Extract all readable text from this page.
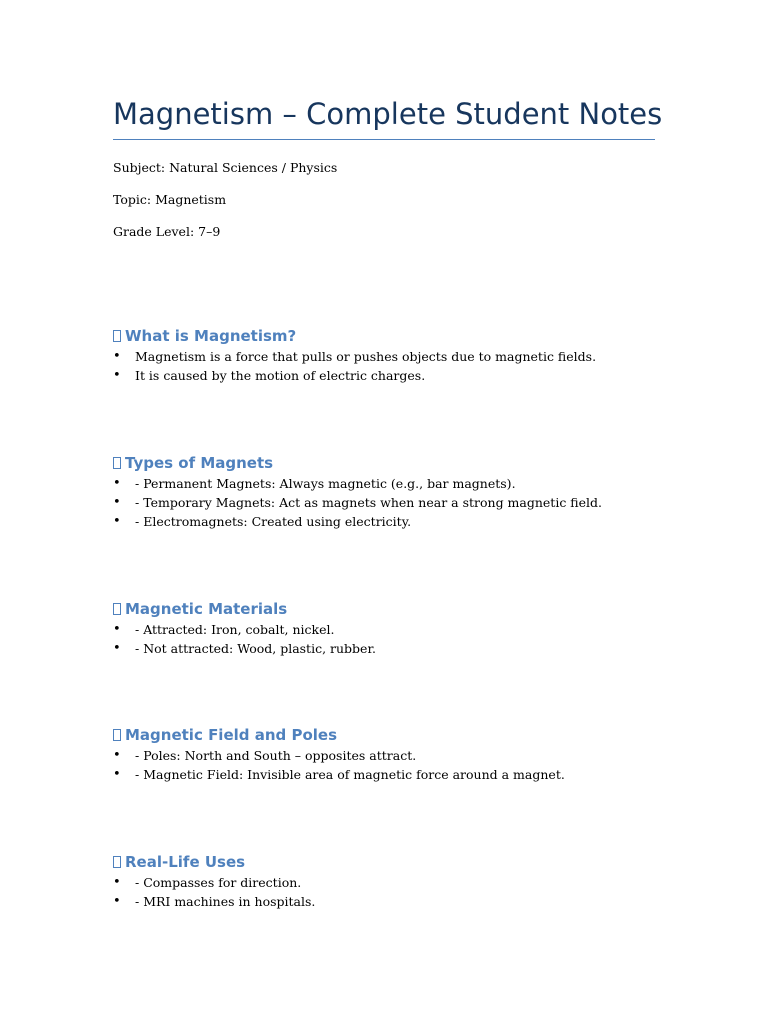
Magnetism – Complete Student Notes

Subject: Natural Sciences / Physics

Topic: Magnetism

Grade Level: 7–9

What is Magnetism?
• Magnetism is a force that pulls or pushes objects due to magnetic fields.
• It is caused by the motion of electric charges.
Types of Magnets
• - Permanent Magnets: Always magnetic (e.g., bar magnets).
• - Temporary Magnets: Act as magnets when near a strong magnetic field.
• - Electromagnets: Created using electricity.
Magnetic Materials
• - Attracted: Iron, cobalt, nickel.
• - Not attracted: Wood, plastic, rubber.
Magnetic Field and Poles
• - Poles: North and South – opposites attract.
• - Magnetic Field: Invisible area of magnetic force around a magnet.
Real-Life Uses
• - Compasses for direction.
• - MRI machines in hospitals.
